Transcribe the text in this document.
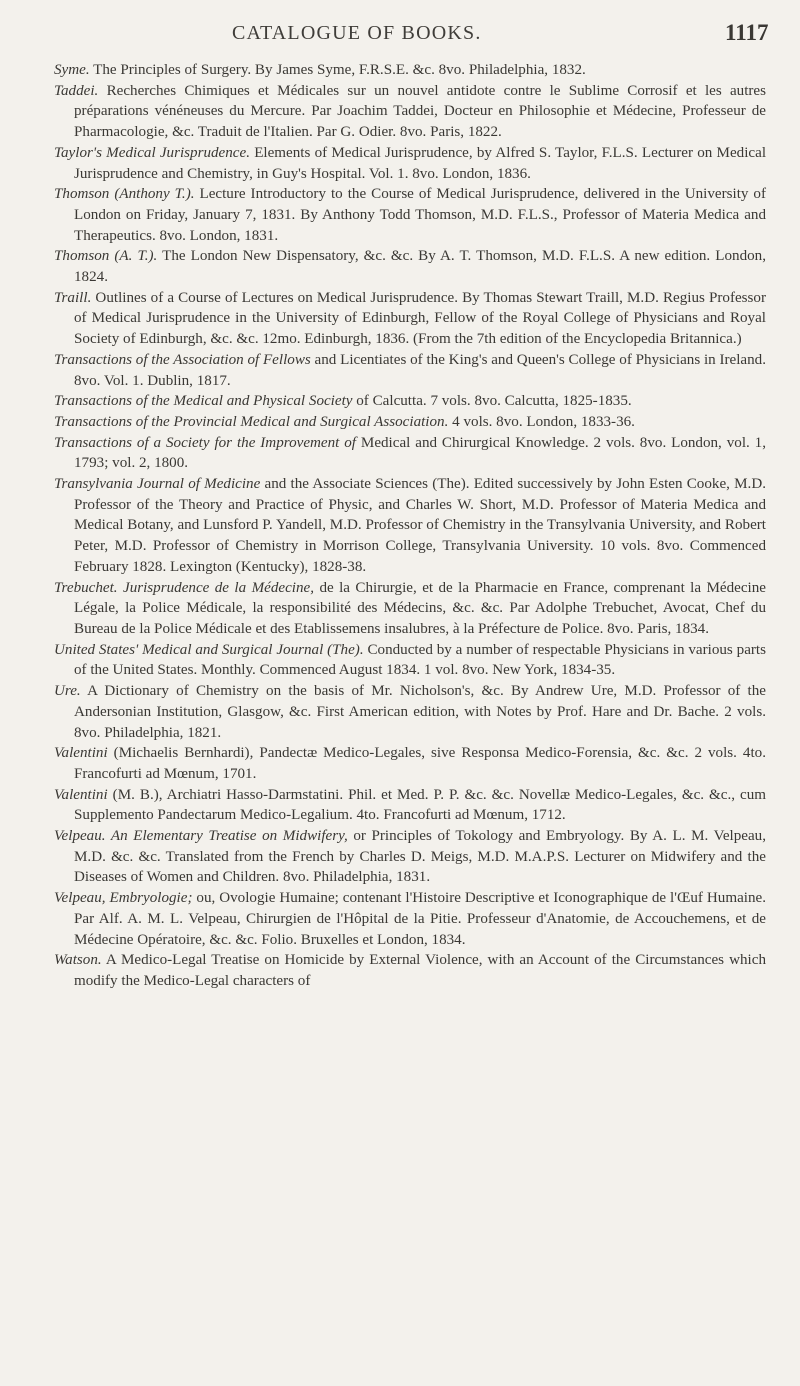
CATALOGUE OF BOOKS.	1117

Syme. The Principles of Surgery. By James Syme, F.R.S.E. &c. 8vo. Philadelphia, 1832.

Taddei. Recherches Chimiques et Médicales sur un nouvel antidote contre le Sublime Corrosif et les autres préparations vénéneuses du Mercure. Par Joachim Taddei, Docteur en Philosophie et Médecine, Professeur de Pharmacologie, &c. Traduit de l'Italien. Par G. Odier. 8vo. Paris, 1822.

Taylor's Medical Jurisprudence. Elements of Medical Jurisprudence, by Alfred S. Taylor, F.L.S. Lecturer on Medical Jurisprudence and Chemistry, in Guy's Hospital. Vol. 1. 8vo. London, 1836.

Thomson (Anthony T.). Lecture Introductory to the Course of Medical Jurisprudence, delivered in the University of London on Friday, January 7, 1831. By Anthony Todd Thomson, M.D. F.L.S., Professor of Materia Medica and Therapeutics. 8vo. London, 1831.

Thomson (A. T.). The London New Dispensatory, &c. &c. By A. T. Thomson, M.D. F.L.S. A new edition. London, 1824.

Traill. Outlines of a Course of Lectures on Medical Jurisprudence. By Thomas Stewart Traill, M.D. Regius Professor of Medical Jurisprudence in the University of Edinburgh, Fellow of the Royal College of Physicians and Royal Society of Edinburgh, &c. &c. 12mo. Edinburgh, 1836. (From the 7th edition of the Encyclopedia Britannica.)

Transactions of the Association of Fellows and Licentiates of the King's and Queen's College of Physicians in Ireland. 8vo. Vol. 1. Dublin, 1817.

Transactions of the Medical and Physical Society of Calcutta. 7 vols. 8vo. Calcutta, 1825-1835.

Transactions of the Provincial Medical and Surgical Association. 4 vols. 8vo. London, 1833-36.

Transactions of a Society for the Improvement of Medical and Chirurgical Knowledge. 2 vols. 8vo. London, vol. 1, 1793; vol. 2, 1800.

Transylvania Journal of Medicine and the Associate Sciences (The). Edited successively by John Esten Cooke, M.D. Professor of the Theory and Practice of Physic, and Charles W. Short, M.D. Professor of Materia Medica and Medical Botany, and Lunsford P. Yandell, M.D. Professor of Chemistry in the Transylvania University, and Robert Peter, M.D. Professor of Chemistry in Morrison College, Transylvania University. 10 vols. 8vo. Commenced February 1828. Lexington (Kentucky), 1828-38.

Trebuchet. Jurisprudence de la Médecine, de la Chirurgie, et de la Pharmacie en France, comprenant la Médecine Légale, la Police Médicale, la responsibilité des Médecins, &c. &c. Par Adolphe Trebuchet, Avocat, Chef du Bureau de la Police Médicale et des Etablissemens insalubres, à la Préfecture de Police. 8vo. Paris, 1834.

United States' Medical and Surgical Journal (The). Conducted by a number of respectable Physicians in various parts of the United States. Monthly. Commenced August 1834. 1 vol. 8vo. New York, 1834-35.

Ure. A Dictionary of Chemistry on the basis of Mr. Nicholson's, &c. By Andrew Ure, M.D. Professor of the Andersonian Institution, Glasgow, &c. First American edition, with Notes by Prof. Hare and Dr. Bache. 2 vols. 8vo. Philadelphia, 1821.

Valentini (Michaelis Bernhardi), Pandectæ Medico-Legales, sive Responsa Medico-Forensia, &c. &c. 2 vols. 4to. Francofurti ad Mœnum, 1701.

Valentini (M. B.), Archiatri Hasso-Darmstatini. Phil. et Med. P. P. &c. &c. Novellæ Medico-Legales, &c. &c., cum Supplemento Pandectarum Medico-Legalium. 4to. Francofurti ad Mœnum, 1712.

Velpeau. An Elementary Treatise on Midwifery, or Principles of Tokology and Embryology. By A. L. M. Velpeau, M.D. &c. &c. Translated from the French by Charles D. Meigs, M.D. M.A.P.S. Lecturer on Midwifery and the Diseases of Women and Children. 8vo. Philadelphia, 1831.

Velpeau, Embryologie; ou, Ovologie Humaine; contenant l'Histoire Descriptive et Iconographique de l'Œuf Humaine. Par Alf. A. M. L. Velpeau, Chirurgien de l'Hôpital de la Pitie. Professeur d'Anatomie, de Accouchemens, et de Médecine Opératoire, &c. &c. Folio. Bruxelles et London, 1834.

Watson. A Medico-Legal Treatise on Homicide by External Violence, with an Account of the Circumstances which modify the Medico-Legal characters of
